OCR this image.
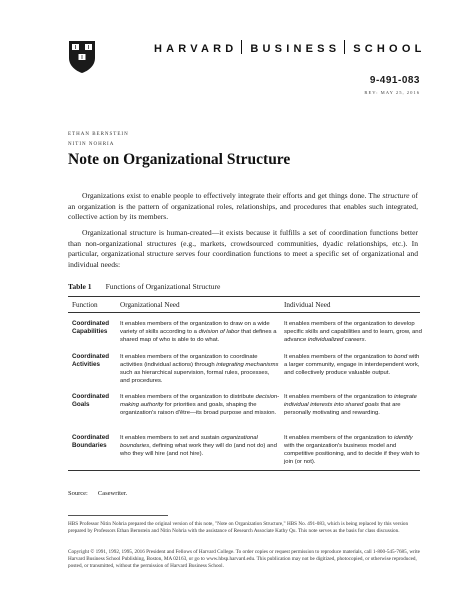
HARVARD BUSINESS SCHOOL
9-491-083
REV: MAY 25, 2016
ETHAN BERNSTEIN
NITIN NOHRIA
Note on Organizational Structure

Organizations exist to enable people to effectively integrate their efforts and get things done. The structure of an organization is the pattern of organizational roles, relationships, and procedures that enables such integrated, collective action by its members.

Organizational structure is human-created—it exists because it fulfills a set of coordination functions better than non-organizational structures (e.g., markets, crowdsourced communities, dyadic relationships, etc.). In particular, organizational structure serves four coordination functions to meet a specific set of organizational and individual needs:

Table 1 Functions of Organizational Structure
Function	Organizational Need	Individual Need
Coordinated Capabilities
It enables members of the organization to draw on a wide variety of skills according to a division of labor that defines a shared map of who is able to do what.
It enables members of the organization to develop specific skills and capabilities and to learn, grow, and advance individualized careers.
Coordinated Activities
It enables members of the organization to coordinate activities (individual actions) through integrating mechanisms such as hierarchical supervision, formal rules, processes, and procedures.
It enables members of the organization to bond with a larger community, engage in interdependent work, and collectively produce valuable output.
Coordinated Goals
It enables members of the organization to distribute decision-making authority for priorities and goals, shaping the organization's raison d'être—its broad purpose and mission.
It enables members of the organization to integrate individual interests into shared goals that are personally motivating and rewarding.
Coordinated Boundaries
It enables members to set and sustain organizational boundaries, defining what work they will do (and not do) and who they will hire (and not hire).
It enables members of the organization to identify with the organization's business model and competitive positioning, and to decide if they wish to join (or not).
Source: Casewriter.

HBS Professor Nitin Nohria prepared the original version of this note, "Note on Organization Structure," HBS No. 491-083, which is being replaced by this version prepared by Professors Ethan Bernstein and Nitin Nohria with the assistance of Research Associate Kathy Qu. This note serves as the basis for class discussion.

Copyright © 1991, 1992, 1995, 2016 President and Fellows of Harvard College. To order copies or request permission to reproduce materials, call 1-800-545-7685, write Harvard Business School Publishing, Boston, MA 02163, or go to www.hbsp.harvard.edu. This publication may not be digitized, photocopied, or otherwise reproduced, posted, or transmitted, without the permission of Harvard Business School.
